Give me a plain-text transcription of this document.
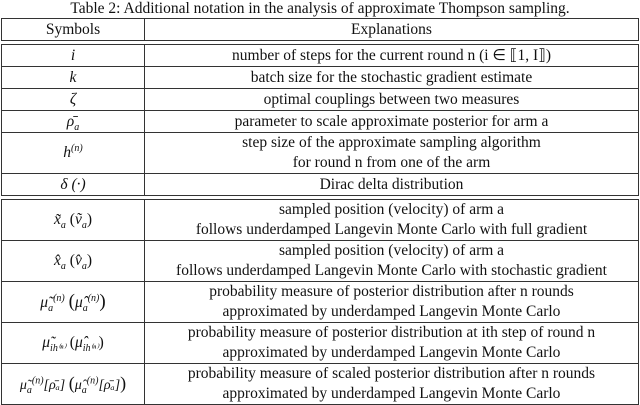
Table 2: Additional notation in the analysis of approximate Thompson sampling.
Symbols	Explanations

i	number of steps for the current round n (i ∈ ⟦1, I⟧)
k	batch size for the stochastic gradient estimate
ζ	optimal couplings between two measures
$\rhō_a$	parameter to scale approximate posterior for arm a
$h^{(n)}$	step size of the approximate sampling algorithm
for round n from one of the arm

δ (·)	Dirac delta distribution

$x̃_a$ (ṽ$_a$)	sampled position (velocity) of arm a
follows underdamped Langevin Monte Carlo with full gradient

$x̂_a$ $(v̂_a)$	sampled position (velocity) of arm a
follows underdamped Langevin Monte Carlo with stochastic gradient

$\mũ_a^{(n)}$ $(\mû_a^{(n)})$	probability measure of posterior distribution after n rounds
approximated by underdamped Langevin Monte Carlo

$\mũ_{ih^{(n)}}$ $(\mû_{ih^{(n)}})$	probability measure of posterior distribution at ith step of round n
approximated by underdamped Langevin Monte Carlo

$\mũ_a^{(n)}[\rhō_a]$ $(\mû_a^{(n)}[\rhō_a])$	probability measure of scaled posterior distribution after n rounds
approximated by underdamped Langevin Monte Carlo
